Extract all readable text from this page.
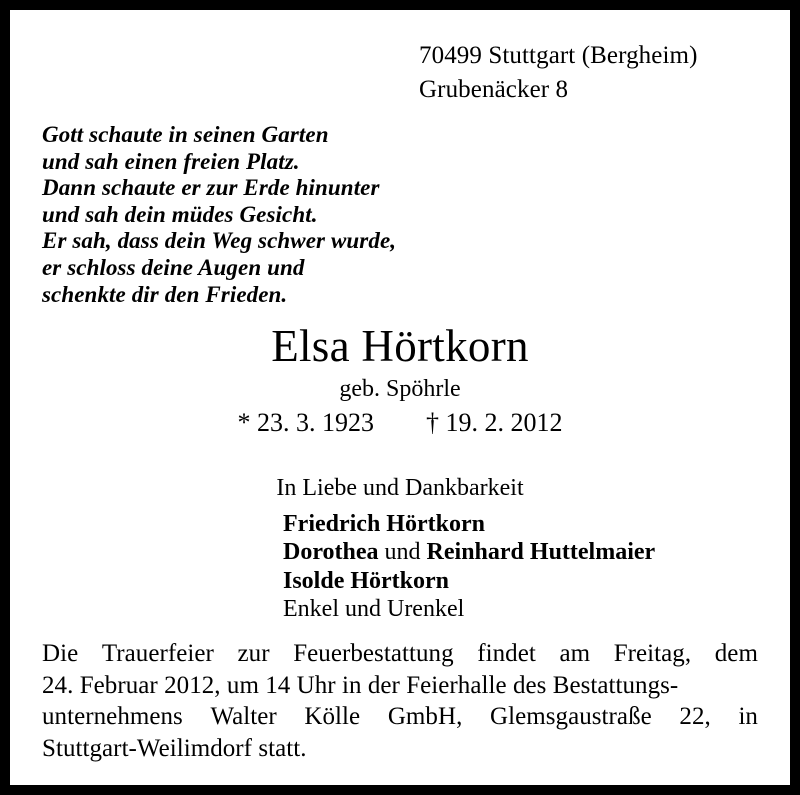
70499 Stuttgart (Bergheim)
Grubenäcker 8
Gott schaute in seinen Garten
und sah einen freien Platz.
Dann schaute er zur Erde hinunter
und sah dein müdes Gesicht.
Er sah, dass dein Weg schwer wurde,
er schloss deine Augen und
schenkte dir den Frieden.
Elsa Hörtkorn
geb. Spöhrle
* 23. 3. 1923        † 19. 2. 2012
In Liebe und Dankbarkeit
Friedrich Hörtkorn
Dorothea und Reinhard Huttelmaier
Isolde Hörtkorn
Enkel und Urenkel
Die Trauerfeier zur Feuerbestattung findet am Freitag, dem
24. Februar 2012, um 14 Uhr in der Feierhalle des Bestattungs-
unternehmens Walter Kölle GmbH, Glemsgaustraße 22, in
Stuttgart-Weilimdorf statt.
